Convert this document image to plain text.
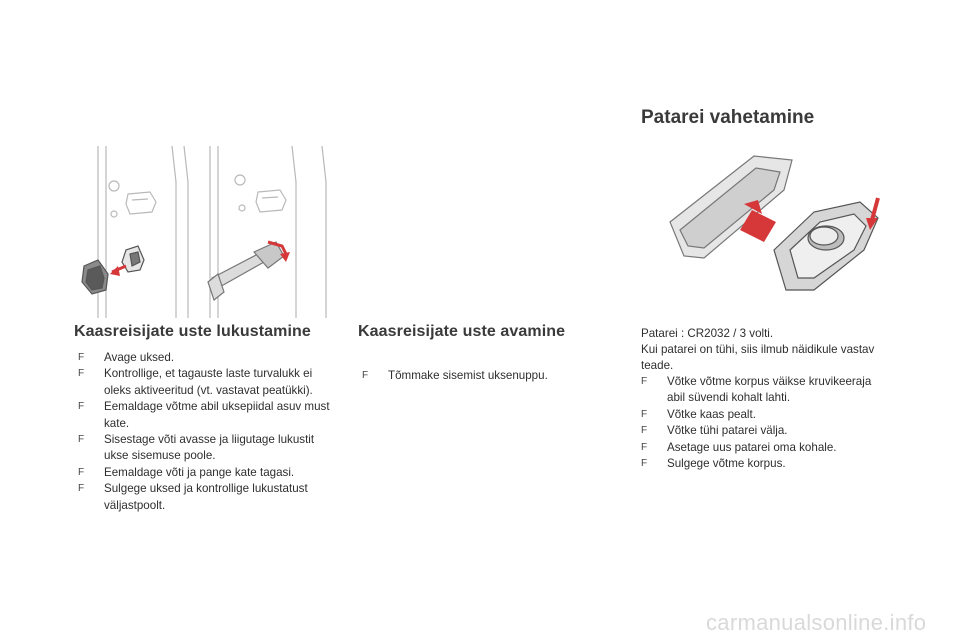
Kaasreisijate uste lukustamine
F	Avage uksed.
F	Kontrollige, et tagauste laste turvalukk ei oleks aktiveeritud (vt. vastavat peatükki).
F	Eemaldage võtme abil uksepiidal asuv must kate.
F	Sisestage võti avasse ja liigutage lukustit ukse sisemuse poole.
F	Eemaldage võti ja pange kate tagasi.
F	Sulgege uksed ja kontrollige lukustatust väljastpoolt.
Kaasreisijate uste avamine
F	Tõmmake sisemist uksenuppu.
Patarei vahetamine

Patarei : CR2032 / 3 volti.

Kui patarei on tühi, siis ilmub näidikule vastav teade.

F	Võtke võtme korpus väikse kruvikeeraja abil süvendi kohalt lahti.
F	Võtke kaas pealt.
F	Võtke tühi patarei välja.
F	Asetage uus patarei oma kohale.
F	Sulgege võtme korpus.
carmanualsonline.info
